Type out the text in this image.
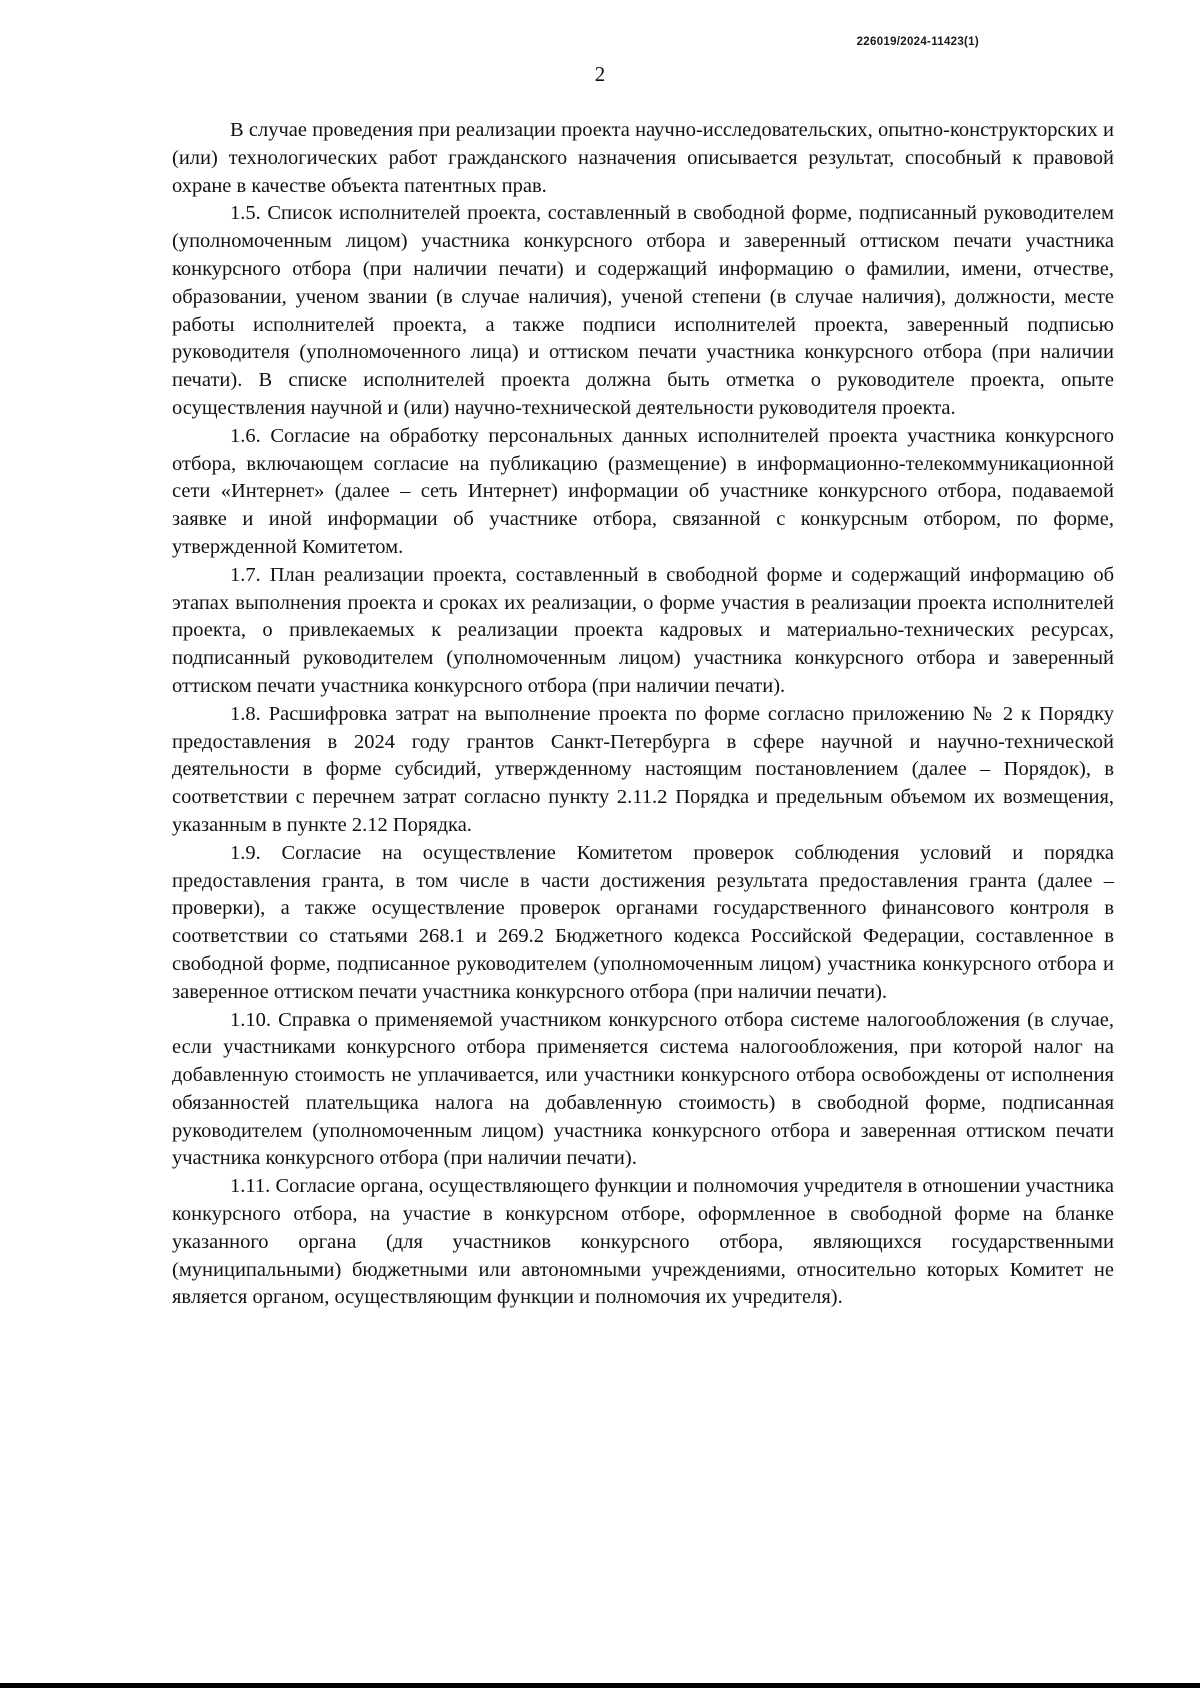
226019/2024-11423(1)
2

В случае проведения при реализации проекта научно-исследовательских, опытно-конструкторских и (или) технологических работ гражданского назначения описывается результат, способный к правовой охране в качестве объекта патентных прав.

1.5. Список исполнителей проекта, составленный в свободной форме, подписанный руководителем (уполномоченным лицом) участника конкурсного отбора и заверенный оттиском печати участника конкурсного отбора (при наличии печати) и содержащий информацию о фамилии, имени, отчестве, образовании, ученом звании (в случае наличия), ученой степени (в случае наличия), должности, месте работы исполнителей проекта, а также подписи исполнителей проекта, заверенный подписью руководителя (уполномоченного лица) и оттиском печати участника конкурсного отбора (при наличии печати). В списке исполнителей проекта должна быть отметка о руководителе проекта, опыте осуществления научной и (или) научно-технической деятельности руководителя проекта.

1.6. Согласие на обработку персональных данных исполнителей проекта участника конкурсного отбора, включающем согласие на публикацию (размещение) в информационно-телекоммуникационной сети «Интернет» (далее – сеть Интернет) информации об участнике конкурсного отбора, подаваемой заявке и иной информации об участнике отбора, связанной с конкурсным отбором, по форме, утвержденной Комитетом.

1.7. План реализации проекта, составленный в свободной форме и содержащий информацию об этапах выполнения проекта и сроках их реализации, о форме участия в реализации проекта исполнителей проекта, о привлекаемых к реализации проекта кадровых и материально-технических ресурсах, подписанный руководителем (уполномоченным лицом) участника конкурсного отбора и заверенный оттиском печати участника конкурсного отбора (при наличии печати).

1.8. Расшифровка затрат на выполнение проекта по форме согласно приложению № 2 к Порядку предоставления в 2024 году грантов Санкт-Петербурга в сфере научной и научно-технической деятельности в форме субсидий, утвержденному настоящим постановлением (далее – Порядок), в соответствии с перечнем затрат согласно пункту 2.11.2 Порядка и предельным объемом их возмещения, указанным в пункте 2.12 Порядка.

1.9. Согласие на осуществление Комитетом проверок соблюдения условий и порядка предоставления гранта, в том числе в части достижения результата предоставления гранта (далее – проверки), а также осуществление проверок органами государственного финансового контроля в соответствии со статьями 268.1 и 269.2 Бюджетного кодекса Российской Федерации, составленное в свободной форме, подписанное руководителем (уполномоченным лицом) участника конкурсного отбора и заверенное оттиском печати участника конкурсного отбора (при наличии печати).

1.10. Справка о применяемой участником конкурсного отбора системе налогообложения (в случае, если участниками конкурсного отбора применяется система налогообложения, при которой налог на добавленную стоимость не уплачивается, или участники конкурсного отбора освобождены от исполнения обязанностей плательщика налога на добавленную стоимость) в свободной форме, подписанная руководителем (уполномоченным лицом) участника конкурсного отбора и заверенная оттиском печати участника конкурсного отбора (при наличии печати).

1.11. Согласие органа, осуществляющего функции и полномочия учредителя в отношении участника конкурсного отбора, на участие в конкурсном отборе, оформленное в свободной форме на бланке указанного органа (для участников конкурсного отбора, являющихся государственными (муниципальными) бюджетными или автономными учреждениями, относительно которых Комитет не является органом, осуществляющим функции и полномочия их учредителя).
